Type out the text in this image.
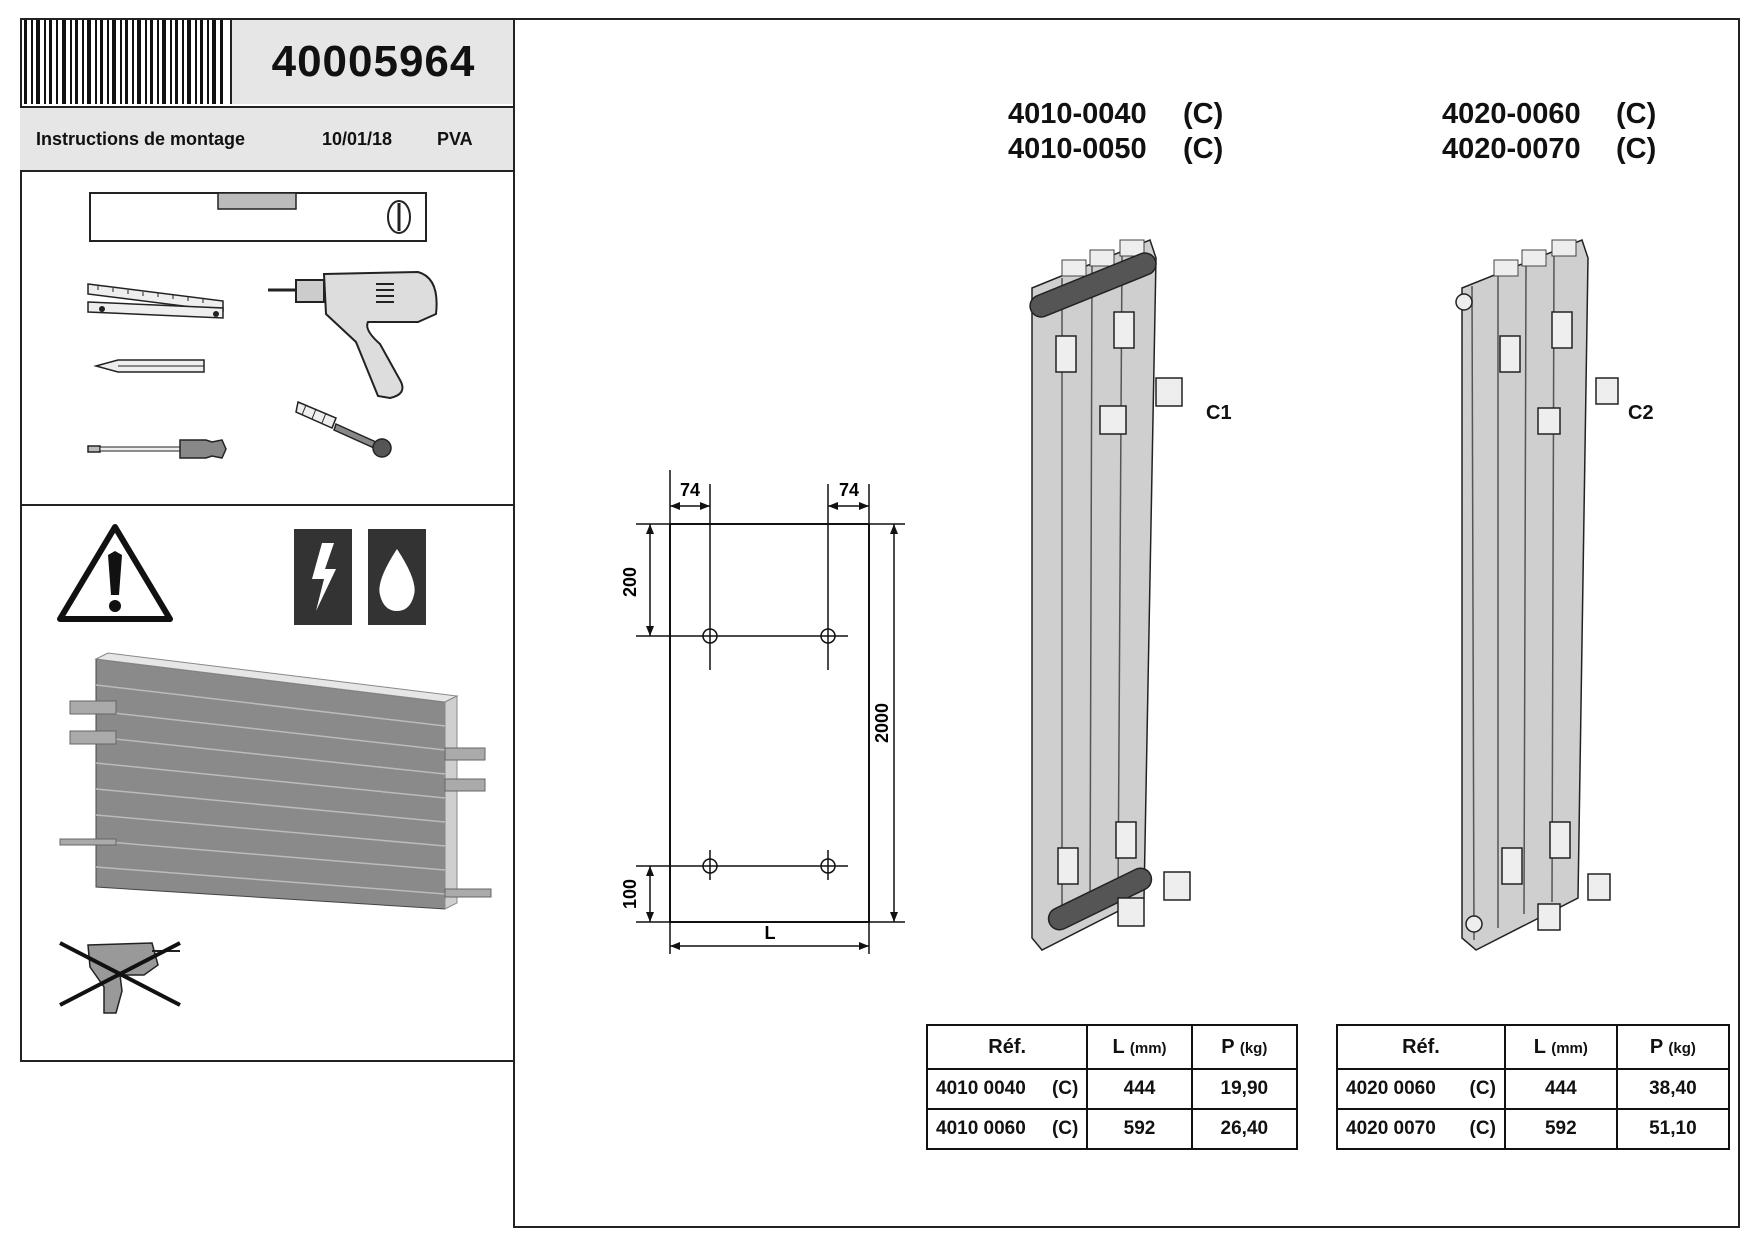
40005964
Instructions de montage	10/01/18 PVA
74	74
200
100
2000
L
4010-0040 (C)
4010-0050 (C)
4020-0060 (C)
4020-0070 (C)
C1	C2
Réf.	L (mm)	P (kg)
4010 0040 (C)	444	19,90
4010 0060 (C)	592	26,40
Réf.	L (mm)	P (kg)
4020 0060 (C)	444	38,40
4020 0070 (C)	592	51,10
